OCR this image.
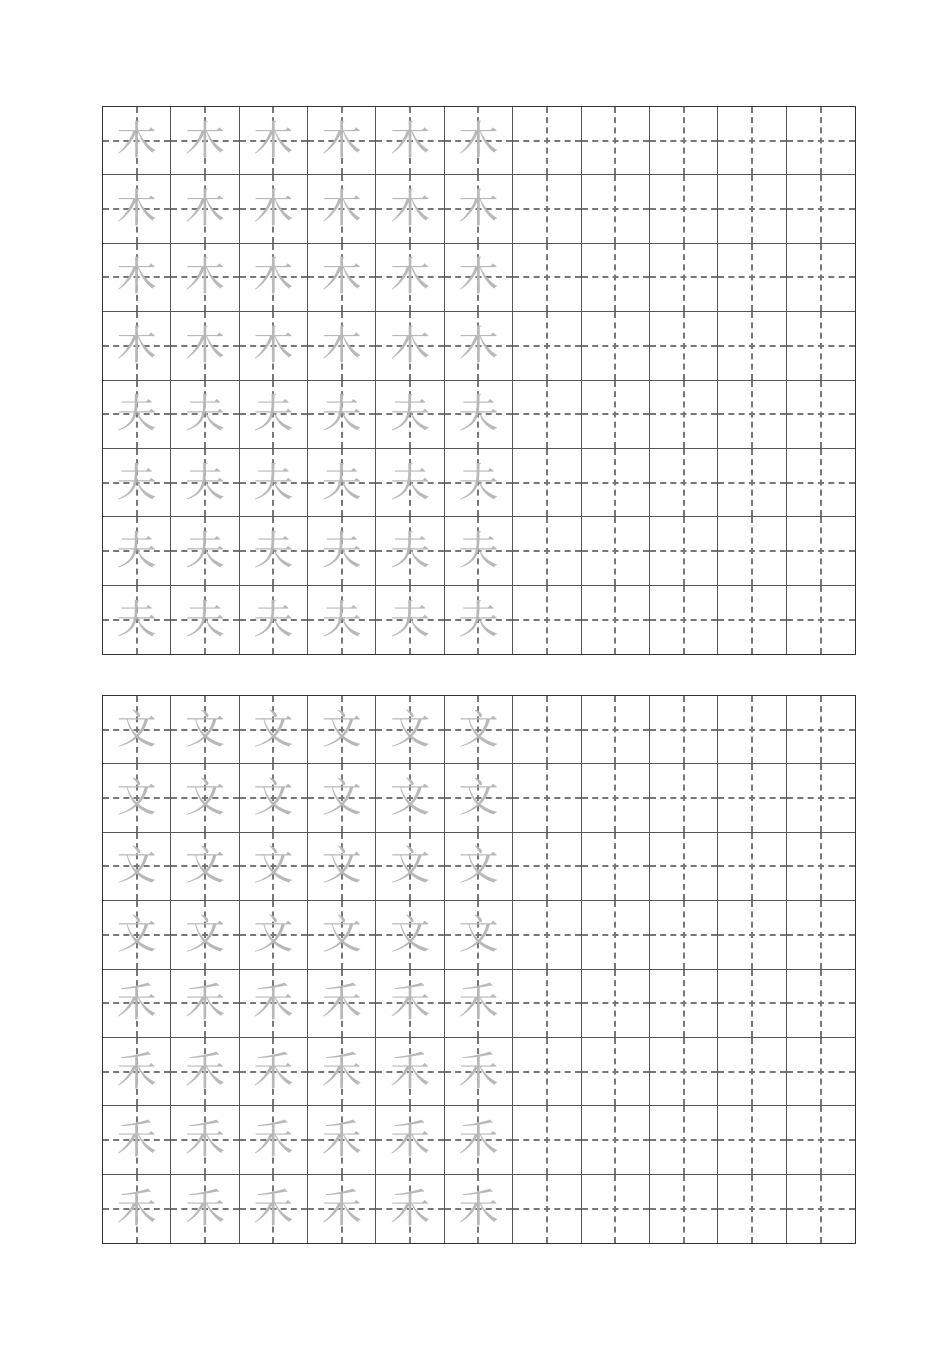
木 木 木 木 木 木
木 木 木 木 木 木
木 木 木 木 木 木
木 木 木 木 木 木
夫 夫 夫 夫 夫 夫
夫 夫 夫 夫 夫 夫
夫 夫 夫 夫 夫 夫
夫 夫 夫 夫 夫 夫
文 文 文 文 文 文
文 文 文 文 文 文
文 文 文 文 文 文
文 文 文 文 文 文
禾 禾 禾 禾 禾 禾
禾 禾 禾 禾 禾 禾
禾 禾 禾 禾 禾 禾
禾 禾 禾 禾 禾 禾
